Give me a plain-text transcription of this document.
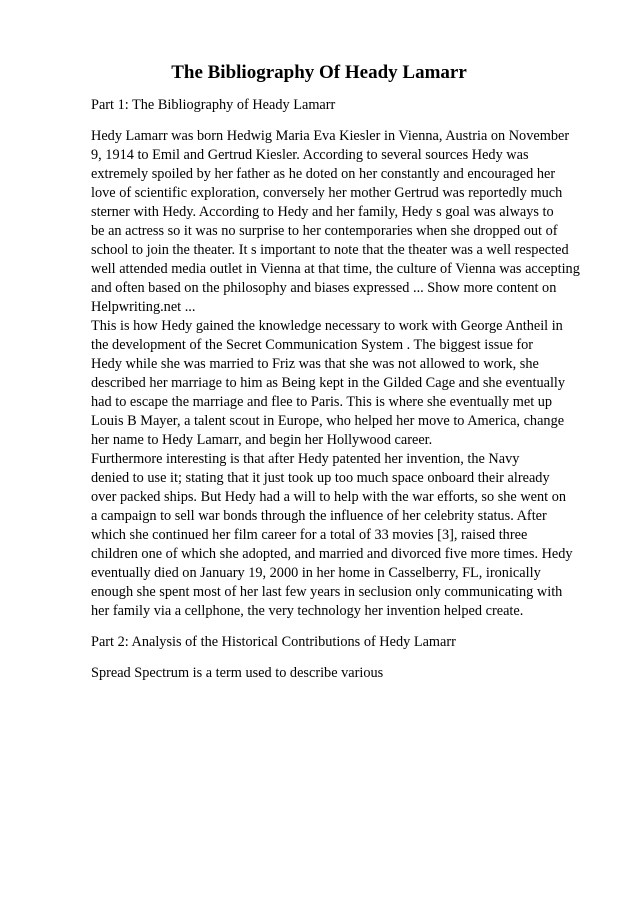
The Bibliography Of Heady Lamarr
Part 1: The Bibliography of Heady Lamarr
Hedy Lamarr was born Hedwig Maria Eva Kiesler in Vienna, Austria on November
9, 1914 to Emil and Gertrud Kiesler. According to several sources Hedy was
extremely spoiled by her father as he doted on her constantly and encouraged her
love of scientific exploration, conversely her mother Gertrud was reportedly much
sterner with Hedy. According to Hedy and her family, Hedy s goal was always to
be an actress so it was no surprise to her contemporaries when she dropped out of
school to join the theater. It s important to note that the theater was a well respected
well attended media outlet in Vienna at that time, the culture of Vienna was accepting
and often based on the philosophy and biases expressed ... Show more content on
Helpwriting.net ...
This is how Hedy gained the knowledge necessary to work with George Antheil in
the development of the Secret Communication System . The biggest issue for
Hedy while she was married to Friz was that she was not allowed to work, she
described her marriage to him as Being kept in the Gilded Cage and she eventually
had to escape the marriage and flee to Paris. This is where she eventually met up
Louis B Mayer, a talent scout in Europe, who helped her move to America, change
her name to Hedy Lamarr, and begin her Hollywood career.
Furthermore interesting is that after Hedy patented her invention, the Navy
denied to use it; stating that it just took up too much space onboard their already
over packed ships. But Hedy had a will to help with the war efforts, so she went on
a campaign to sell war bonds through the influence of her celebrity status. After
which she continued her film career for a total of 33 movies [3], raised three
children one of which she adopted, and married and divorced five more times. Hedy
eventually died on January 19, 2000 in her home in Casselberry, FL, ironically
enough she spent most of her last few years in seclusion only communicating with
her family via a cellphone, the very technology her invention helped create.
Part 2: Analysis of the Historical Contributions of Hedy Lamarr
Spread Spectrum is a term used to describe various
